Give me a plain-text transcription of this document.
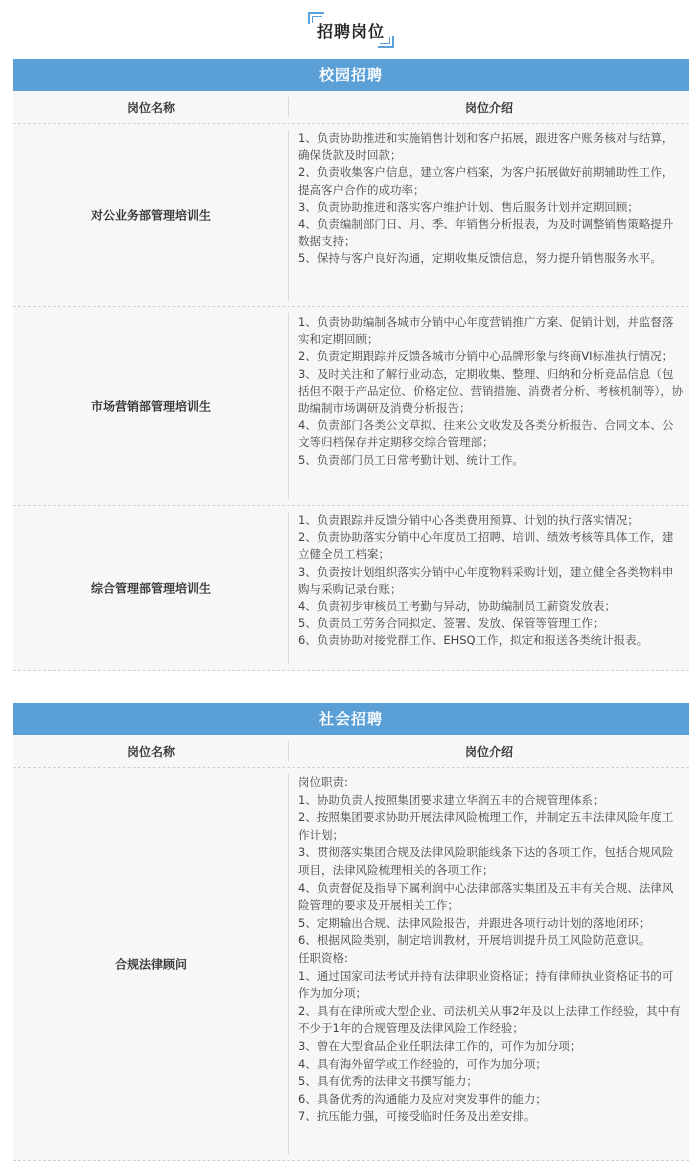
招聘岗位
校园招聘
岗位名称	岗位介绍
对公业务部管理培训生

1、负责协助推进和实施销售计划和客户拓展，跟进客户账务核对与结算，确保货款及时回款；

2、负责收集客户信息，建立客户档案，为客户拓展做好前期辅助性工作，提高客户合作的成功率；

3、负责协助推进和落实客户维护计划、售后服务计划并定期回顾；

4、负责编制部门日、月、季、年销售分析报表，为及时调整销售策略提升数据支持；

5、保持与客户良好沟通，定期收集反馈信息，努力提升销售服务水平。

市场营销部管理培训生

1、负责协助编制各城市分销中心年度营销推广方案、促销计划，并监督落实和定期回顾；

2、负责定期跟踪并反馈各城市分销中心品牌形象与终商VI标准执行情况；

3、及时关注和了解行业动态，定期收集、整理、归纳和分析竞品信息（包括但不限于产品定位、价格定位、营销措施、消费者分析、考核机制等），协助编制市场调研及消费分析报告；

4、负责部门各类公文草拟、往来公文收发及各类分析报告、合同文本、公文等归档保存并定期移交综合管理部；

5、负责部门员工日常考勤计划、统计工作。

综合管理部管理培训生

1、负责跟踪并反馈分销中心各类费用预算、计划的执行落实情况；

2、负责协助落实分销中心年度员工招聘、培训、绩效考核等具体工作，建立健全员工档案；

3、负责按计划组织落实分销中心年度物料采购计划，建立健全各类物料申购与采购记录台账；

4、负责初步审核员工考勤与异动，协助编制员工薪资发放表；

5、负责员工劳务合同拟定、签署、发放、保管等管理工作；

6、负责协助对接党群工作、EHSQ工作，拟定和报送各类统计报表。

社会招聘
岗位名称	岗位介绍
合规法律顾问

岗位职责:

1、协助负责人按照集团要求建立华润五丰的合规管理体系；

2、按照集团要求协助开展法律风险梳理工作，并制定五丰法律风险年度工作计划；

3、贯彻落实集团合规及法律风险职能线条下达的各项工作，包括合规风险项目，法律风险梳理相关的各项工作；

4、负责督促及指导下属利润中心法律部落实集团及五丰有关合规、法律风险管理的要求及开展相关工作；

5、定期输出合规、法律风险报告，并跟进各项行动计划的落地闭环；

6、根据风险类别，制定培训教材，开展培训提升员工风险防范意识。

任职资格:

1、通过国家司法考试并持有法律职业资格证；持有律师执业资格证书的可作为加分项；

2、具有在律所或大型企业、司法机关从事2年及以上法律工作经验，其中有不少于1年的合规管理及法律风险工作经验；

3、曾在大型食品企业任职法律工作的，可作为加分项；

4、具有海外留学或工作经验的，可作为加分项；

5、具有优秀的法律文书撰写能力；

6、具备优秀的沟通能力及应对突发事件的能力；

7、抗压能力强，可接受临时任务及出差安排。
